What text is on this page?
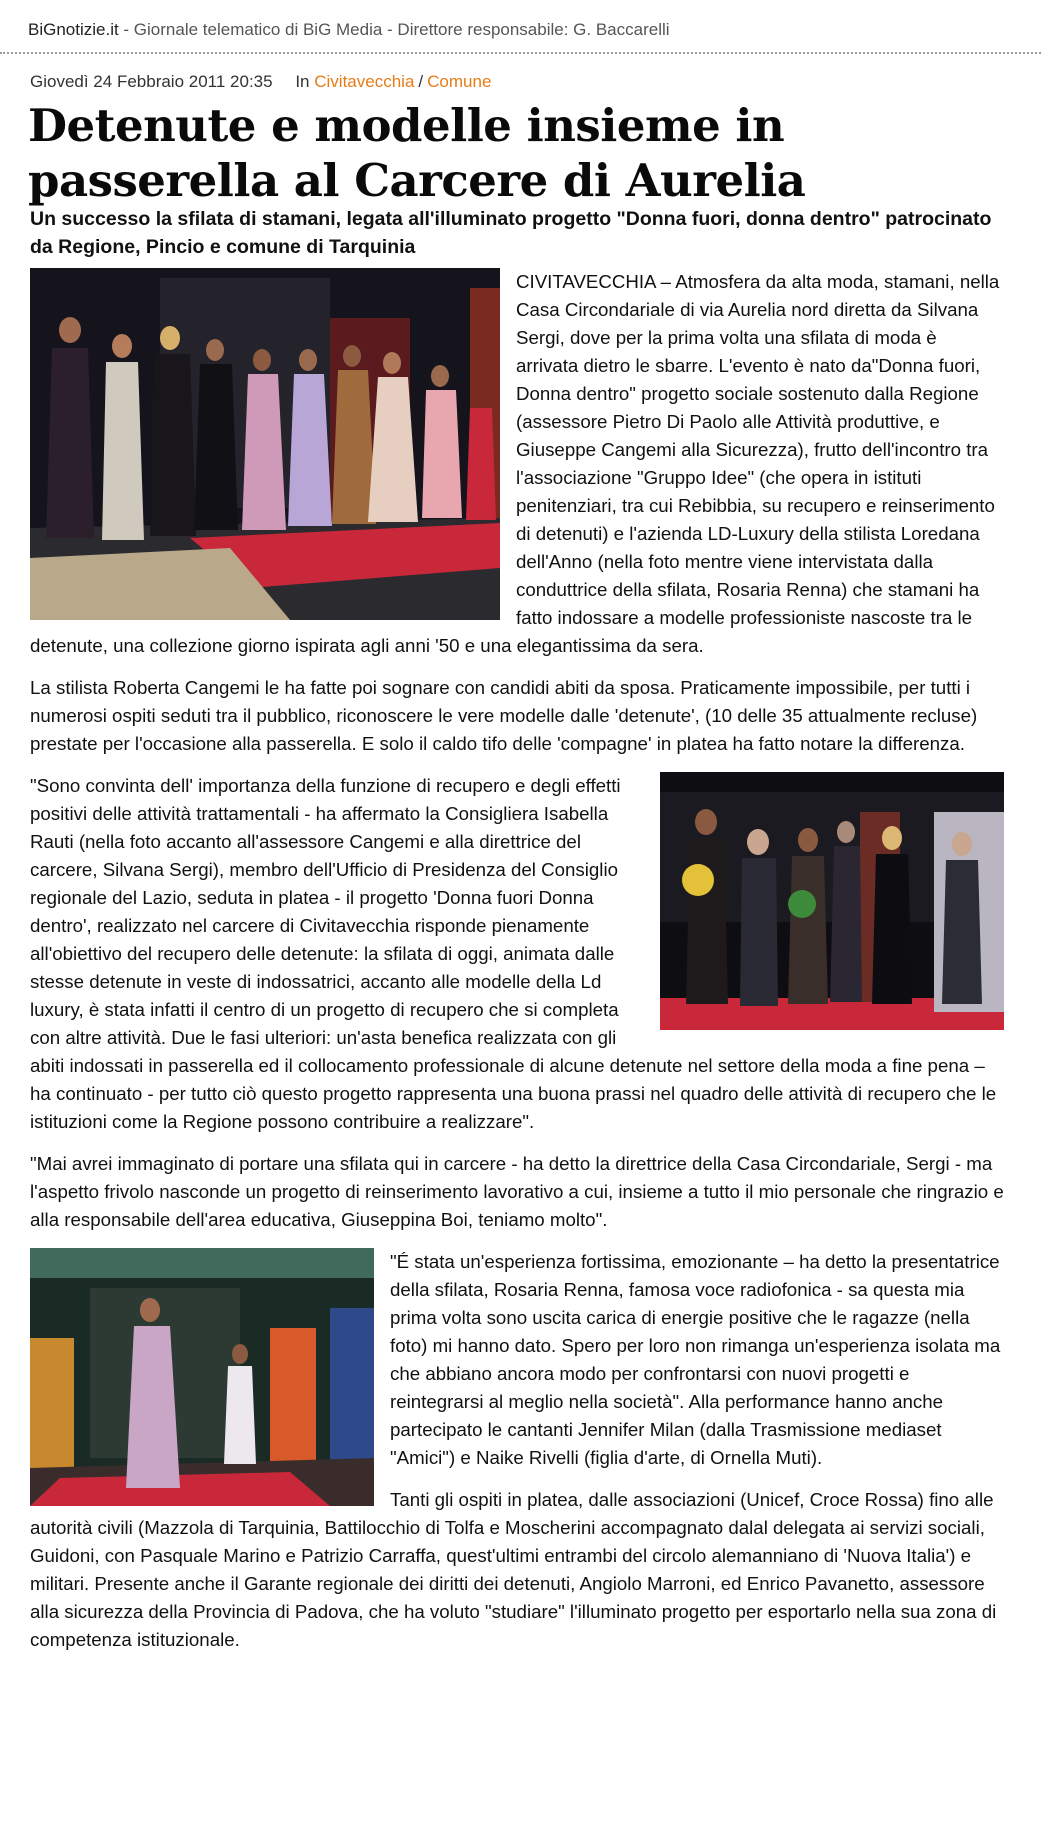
BiGnotizie.it - Giornale telematico di BiG Media - Direttore responsabile: G. Baccarelli
Giovedì 24 Febbraio 2011 20:35 In Civitavecchia / Comune
Detenute e modelle insieme in passerella al Carcere di Aurelia

Un successo la sfilata di stamani, legata all'illuminato progetto "Donna fuori, donna dentro" patrocinato da Regione, Pincio e comune di Tarquinia

CIVITAVECCHIA – Atmosfera da alta moda, stamani, nella Casa Circondariale di via Aurelia nord diretta da Silvana Sergi, dove per la prima volta una sfilata di moda è arrivata dietro le sbarre. L'evento è nato da"Donna fuori, Donna dentro" progetto sociale sostenuto dalla Regione (assessore Pietro Di Paolo alle Attività produttive, e Giuseppe Cangemi alla Sicurezza), frutto dell'incontro tra l'associazione "Gruppo Idee" (che opera in istituti penitenziari, tra cui Rebibbia, su recupero e reinserimento di detenuti) e l'azienda LD-Luxury della stilista Loredana dell'Anno (nella foto mentre viene intervistata dalla conduttrice della sfilata, Rosaria Renna) che stamani ha fatto indossare a modelle professioniste nascoste tra le detenute, una collezione giorno ispirata agli anni '50 e una elegantissima da sera.

La stilista Roberta Cangemi le ha fatte poi sognare con candidi abiti da sposa. Praticamente impossibile, per tutti i numerosi ospiti seduti tra il pubblico, riconoscere le vere modelle dalle 'detenute', (10 delle 35 attualmente recluse) prestate per l'occasione alla passerella. E solo il caldo tifo delle 'compagne' in platea ha fatto notare la differenza.

"Sono convinta dell' importanza della funzione di recupero e degli effetti positivi delle attività trattamentali - ha affermato la Consigliera Isabella Rauti (nella foto accanto all'assessore Cangemi e alla direttrice del carcere, Silvana Sergi), membro dell'Ufficio di Presidenza del Consiglio regionale del Lazio, seduta in platea - il progetto 'Donna fuori Donna dentro', realizzato nel carcere di Civitavecchia risponde pienamente all'obiettivo del recupero delle detenute: la sfilata di oggi, animata dalle stesse detenute in veste di indossatrici, accanto alle modelle della Ld luxury, è stata infatti il centro di un progetto di recupero che si completa con altre attività. Due le fasi ulteriori: un'asta benefica realizzata con gli abiti indossati in passerella ed il collocamento professionale di alcune detenute nel settore della moda a fine pena – ha continuato - per tutto ciò questo progetto rappresenta una buona prassi nel quadro delle attività di recupero che le istituzioni come la Regione possono contribuire a realizzare".

"Mai avrei immaginato di portare una sfilata qui in carcere - ha detto la direttrice della Casa Circondariale, Sergi - ma l'aspetto frivolo nasconde un progetto di reinserimento lavorativo a cui, insieme a tutto il mio personale che ringrazio e alla responsabile dell'area educativa, Giuseppina Boi, teniamo molto".

"É stata un'esperienza fortissima, emozionante – ha detto la presentatrice della sfilata, Rosaria Renna, famosa voce radiofonica - sa questa mia prima volta sono uscita carica di energie positive che le ragazze (nella foto) mi hanno dato. Spero per loro non rimanga un'esperienza isolata ma che abbiano ancora modo per confrontarsi con nuovi progetti e reintegrarsi al meglio nella società". Alla performance hanno anche partecipato le cantanti Jennifer Milan (dalla Trasmissione mediaset "Amici") e Naike Rivelli (figlia d'arte, di Ornella Muti).

Tanti gli ospiti in platea, dalle associazioni (Unicef, Croce Rossa) fino alle autorità civili (Mazzola di Tarquinia, Battilocchio di Tolfa e Moscherini accompagnato dalal delegata ai servizi sociali, Guidoni, con Pasquale Marino e Patrizio Carraffa, quest'ultimi entrambi del circolo alemanniano di 'Nuova Italia') e militari. Presente anche il Garante regionale dei diritti dei detenuti, Angiolo Marroni, ed Enrico Pavanetto, assessore alla sicurezza della Provincia di Padova, che ha voluto "studiare" l'illuminato progetto per esportarlo nella sua zona di competenza istituzionale.
